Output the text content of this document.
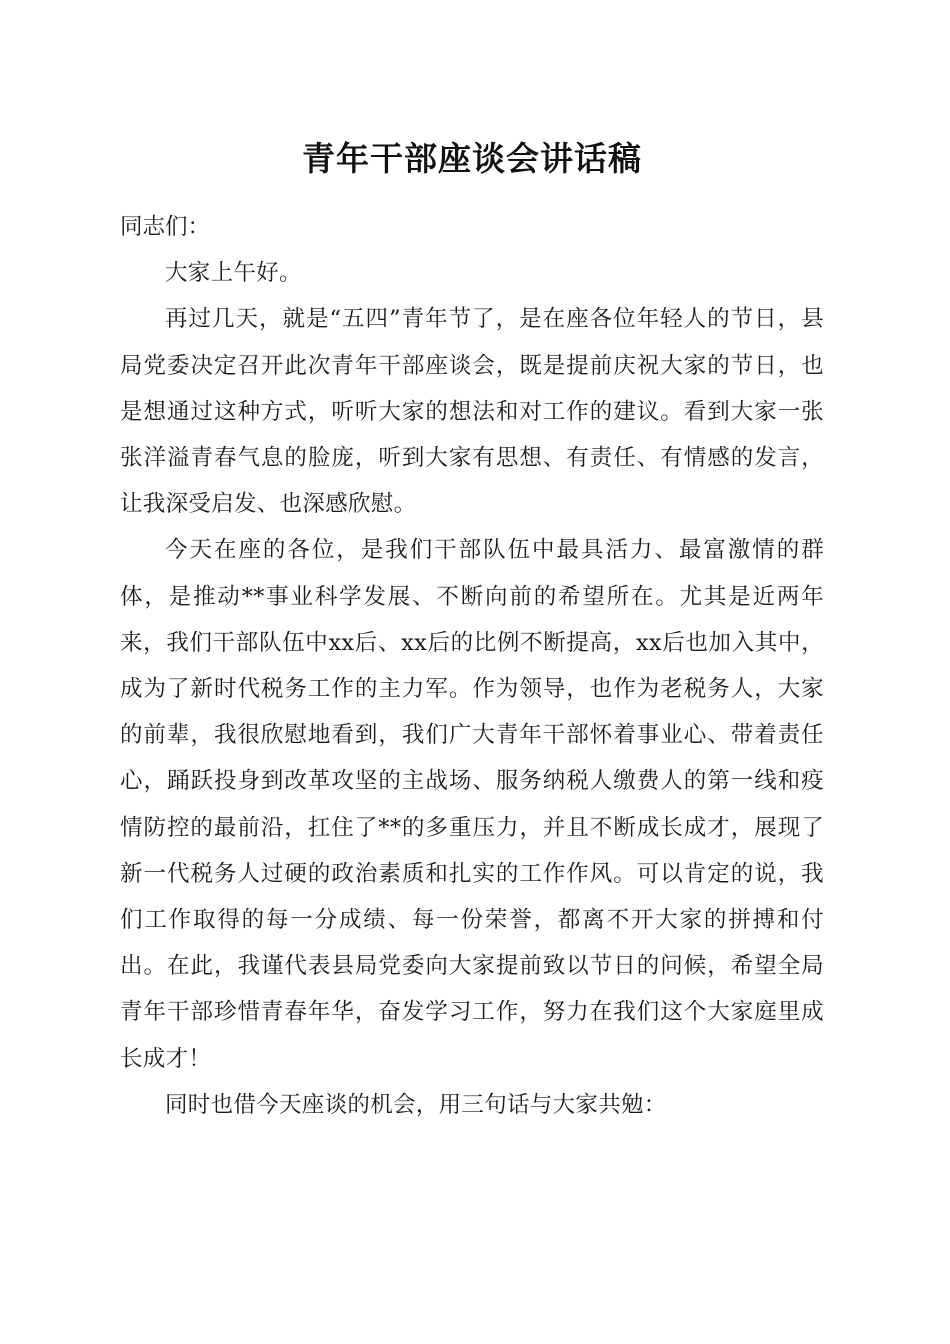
青年干部座谈会讲话稿

同志们：

大家上午好。

再过几天，就是“五四”青年节了，是在座各位年轻人的节日，县局党委决定召开此次青年干部座谈会，既是提前庆祝大家的节日，也是想通过这种方式，听听大家的想法和对工作的建议。看到大家一张张洋溢青春气息的脸庞，听到大家有思想、有责任、有情感的发言，让我深受启发、也深感欣慰。

今天在座的各位，是我们干部队伍中最具活力、最富激情的群体，是推动**事业科学发展、不断向前的希望所在。尤其是近两年来，我们干部队伍中xx后、xx后的比例不断提高，xx后也加入其中，成为了新时代税务工作的主力军。作为领导，也作为老税务人，大家的前辈，我很欣慰地看到，我们广大青年干部怀着事业心、带着责任心，踊跃投身到改革攻坚的主战场、服务纳税人缴费人的第一线和疫情防控的最前沿，扛住了**的多重压力，并且不断成长成才，展现了新一代税务人过硬的政治素质和扎实的工作作风。可以肯定的说，我们工作取得的每一分成绩、每一份荣誉，都离不开大家的拼搏和付出。在此，我谨代表县局党委向大家提前致以节日的问候，希望全局青年干部珍惜青春年华，奋发学习工作，努力在我们这个大家庭里成长成才！

同时也借今天座谈的机会，用三句话与大家共勉：
